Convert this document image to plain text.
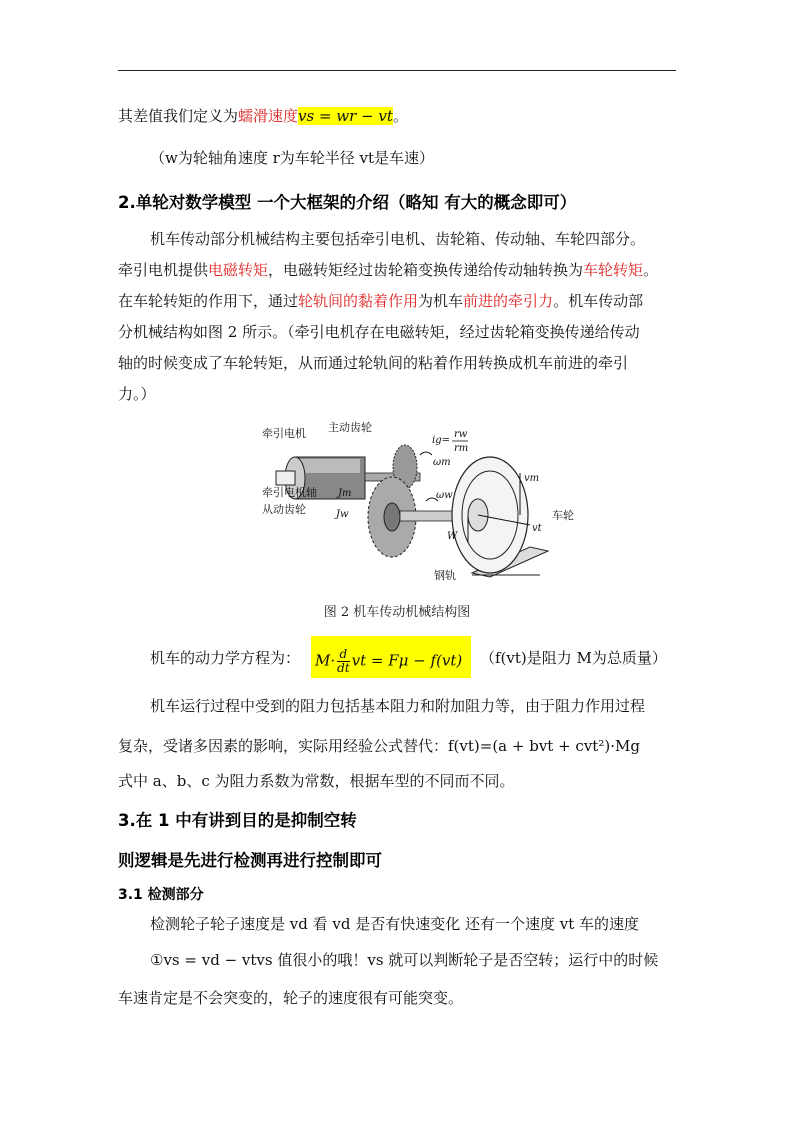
其差值我们定义为蠕滑速度vs = wr − vt。
（w为轮轴角速度 r为车轮半径 vt是车速）
2.单轮对数学模型 一个大框架的介绍（略知 有大的概念即可）
机车传动部分机械结构主要包括牵引电机、齿轮箱、传动轴、车轮四部分。
牵引电机提供电磁转矩，电磁转矩经过齿轮箱变换传递给传动轴转换为车轮转矩。
在车轮转矩的作用下，通过轮轨间的黏着作用为机车前进的牵引力。机车传动部
分机械结构如图 2 所示。（牵引电机存在电磁转矩，经过齿轮箱变换传递给传动
轴的时候变成了车轮转矩，从而通过轮轨间的粘着作用转换成机车前进的牵引
力。）
牵引电机 主动齿轮
牵引电机轴
从动齿轮
Jm
Jw
ig=
rw
rm
ωm
ωw
W
vm
vt
车轮
钢轨
图 2 机车传动机械结构图
机车的动力学方程为： $M\cdot \frac{d}{dt}$ vt = Fμ − f(vt) （f(vt)是阻力 M为总质量）
机车运行过程中受到的阻力包括基本阻力和附加阻力等，由于阻力作用过程
复杂，受诸多因素的影响，实际用经验公式替代：f(vt)=(a + bvt + cvt²)·Mg
式中 a、b、c 为阻力系数为常数，根据车型的不同而不同。
3.在 1 中有讲到目的是抑制空转
则逻辑是先进行检测再进行控制即可
3.1 检测部分
检测轮子轮子速度是 vd 看 vd 是否有快速变化 还有一个速度 vt 车的速度
①vs = vd − vtvs 值很小的哦！vs 就可以判断轮子是否空转；运行中的时候
车速肯定是不会突变的，轮子的速度很有可能突变。
